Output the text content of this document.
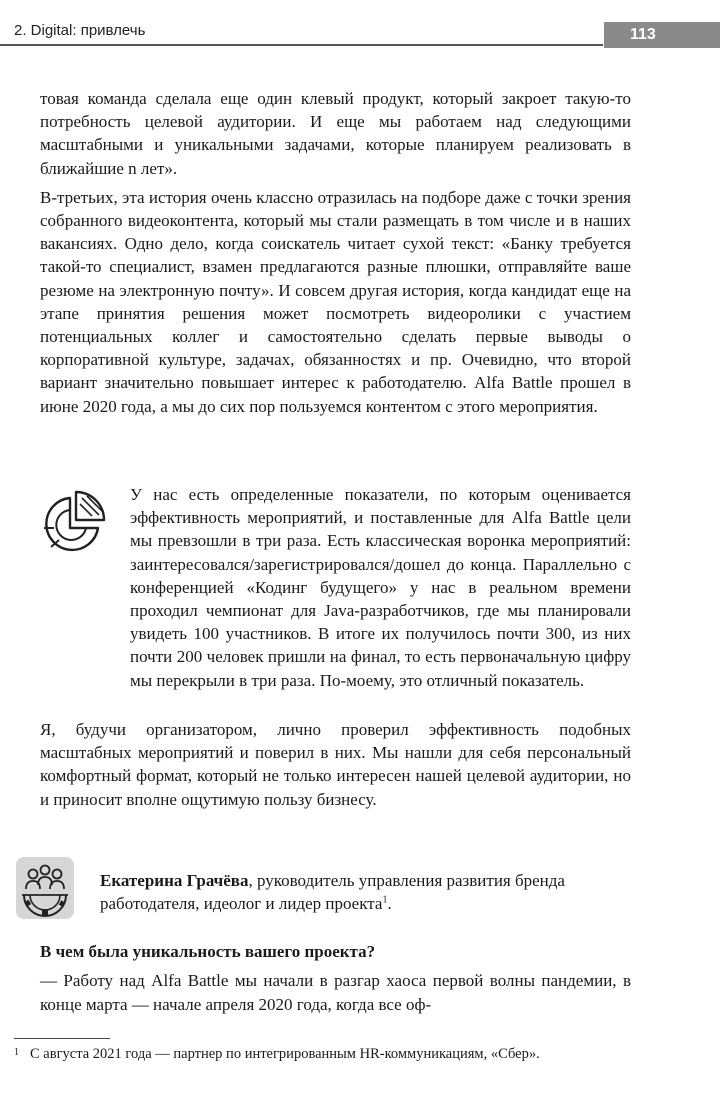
2. Digital: привлечь	113

товая команда сделала еще один клевый продукт, который закроет такую-то потребность целевой аудитории. И еще мы работаем над следующими масштабными и уникальными задачами, которые планируем реализовать в ближайшие n лет».

В-третьих, эта история очень классно отразилась на подборе даже с точки зрения собранного видеоконтента, который мы стали размещать в том числе и в наших вакансиях. Одно дело, когда соискатель читает сухой текст: «Банку требуется такой-то специалист, взамен предлагаются разные плюшки, отправляйте ваше резюме на электронную почту». И совсем другая история, когда кандидат еще на этапе принятия решения может посмотреть видеоролики с участием потенциальных коллег и самостоятельно сделать первые выводы о корпоративной культуре, задачах, обязанностях и пр. Очевидно, что второй вариант значительно повышает интерес к работодателю. Alfa Battle прошел в июне 2020 года, а мы до сих пор пользуемся контентом с этого мероприятия.

У нас есть определенные показатели, по которым оценивается эффективность мероприятий, и поставленные для Alfa Battle цели мы превзошли в три раза. Есть классическая воронка мероприятий: заинтересовался/зарегистрировался/дошел до конца. Параллельно с конференцией «Кодинг будущего» у нас в реальном времени проходил чемпионат для Java-разработчиков, где мы планировали увидеть 100 участников. В итоге их получилось почти 300, из них почти 200 человек пришли на финал, то есть первоначальную цифру мы перекрыли в три раза. По-моему, это отличный показатель.

Я, будучи организатором, лично проверил эффективность подобных масштабных мероприятий и поверил в них. Мы нашли для себя персональный комфортный формат, который не только интересен нашей целевой аудитории, но и приносит вполне ощутимую пользу бизнесу.

Екатерина Грачёва, руководитель управления развития бренда работодателя, идеолог и лидер проекта$^1$.
В чем была уникальность вашего проекта?
— Работу над Alfa Battle мы начали в разгар хаоса первой волны пандемии, в конце марта — начале апреля 2020 года, когда все оф-
1 С августа 2021 года — партнер по интегрированным HR-коммуникациям, «Сбер».
